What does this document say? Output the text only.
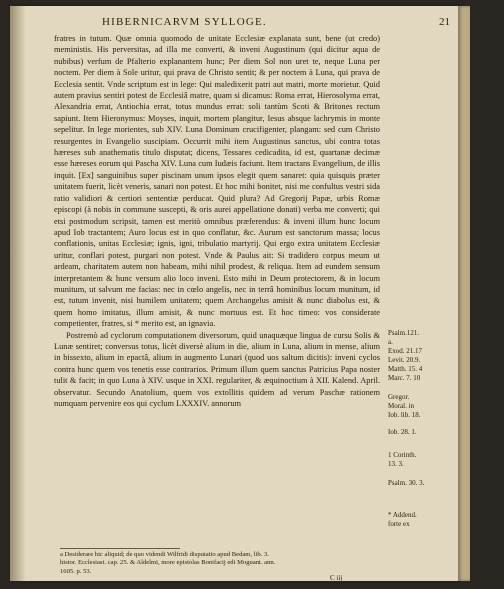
HIBERNICARVM SYLLOGE.	21

fratres in tutum. Quæ omnia quomodo de unitate Ecclesiæ explanata sunt, bene (ut credo) meministis. His perversitas, ad illa me converti, & inveni Augustinum (qui dicitur aqua de nubibus) verfum de Pfalterio explanantem hunc; Per diem Sol non uret te, neque Luna per noctem. Per diem à Sole uritur, qui prava de Christo sentit; & per noctem à Luna, qui prava de Ecclesia sentit. Vnde scriptum est in lege: Qui maledixerit patri aut matri, morte morietur. Quid autem pravius sentiri potest de Ecclesiâ matre, quam si dicamus: Roma errat, Hierosolyma errat, Alexandria errat, Antiochia errat, totus mundus errat: soli tantùm Scoti & Britones rectum sapiunt. Item Hieronymus: Moyses, inquit, mortem plangitur, Iesus absque lachrymis in monte sepelitur. In lege morientes, sub XIV. Luna Dominum crucifigenter, plangam: sed cum Christo resurgentes in Evangelio suscipiam. Occurrit mihi item Augustinus sanctus, ubi contra totas hæreses sub anathematis titulo disputat; dicens, Tessares cedicadita, id est, quartanæ decimæ esse hæreses eorum qui Pascha XIV. Luna cum Iudæis faciunt. Item tractans Evangelium, de illis inquit. [Ex] sanguinibus super piscinam unum ipsos elegit quem sanaret: quia quisquis præter unitatem fuerit, licèt veneris, sanari non potest. Et hoc mihi bonitet, nisi me confultus vestri sida ratio validiori & certiori sententiæ perducat. Quid plura? Ad Gregorij Papæ, urbis Romæ episcopi (à nobis in commune suscepti, & oris aurei appellatione donati) verba me converti; qui etsi postmodum scripsit, tamen est meritò omnibus præferendus: & inveni illum hunc locum apud Iob tractantem; Auro locus est in quo conflatur, &c. Aurum est sanctorum massa; locus conflationis, unitas Ecclesiæ; ignis, igni, tribulatio martyrij. Qui ergo extra unitatem Ecclesiæ uritur, conflari potest, purgari non potest. Vnde & Paulus ait: Si tradidero corpus meum ut ardeam, charitatem autem non habeam, mihi nihil prodest, & reliqua. Item ad eundem sensum interpretantem & hunc versum alio loco inveni. Esto mihi in Deum protectorem, & in locum munitum, ut salvum me facias: nec in cœlo angelis, nec in terrâ hominibus locum munitum, id est, tutum invenit, nisi humilem unitatem; quem Archangelus amisit & nunc diabolus est, & quem homo imitatus, illum amisit, & nunc mortuus est. Et hoc timeo: vos considerate competienter, fratres, si * merito est, an ignavia.

Postremò ad cyclorum computationem diversorum, quid unaquæque lingua de cursu Solis & Lunæ sentiret; conversus totus, licèt diversè alium in die, alium in Luna, alium in mense, alium in bissexto, alium in epactâ, alium in augmento Lunari (quod uos saltum dicitis): inveni cyclos contra hunc quem vos tenetis esse contrarios. Primum illum quem sanctus Patricius Papa noster tulit & facit; in quo Luna à XIV. usque in XXI. regulariter, & æquinoctium à XII. Kalend. April. observatur. Secundo Anatolium, quem vos extollitis quidem ad verum Paschæ rationem numquam pervenire eos qui cyclum LXXXIV. annorum

Psalm.121.
a.
Exod. 21.17
Levit. 20.9.
Matth. 15. 4
Marc. 7. 10
Gregor.
Moral. in
Iob. lib. 18.
Iob. 28. 1.
1 Corinth.
13. 3.
Psalm. 30. 3.
* Addend.
forte ex
a Desiderare hic aliquid; de quo videndi Wilfridi disputatio apud Bedam, lib. 3.
histor. Ecclesiast. cap. 25. & Aldelmi, more epistolas Bonifacij edi Moguant. ann.
1605. p. 53.
C iij
